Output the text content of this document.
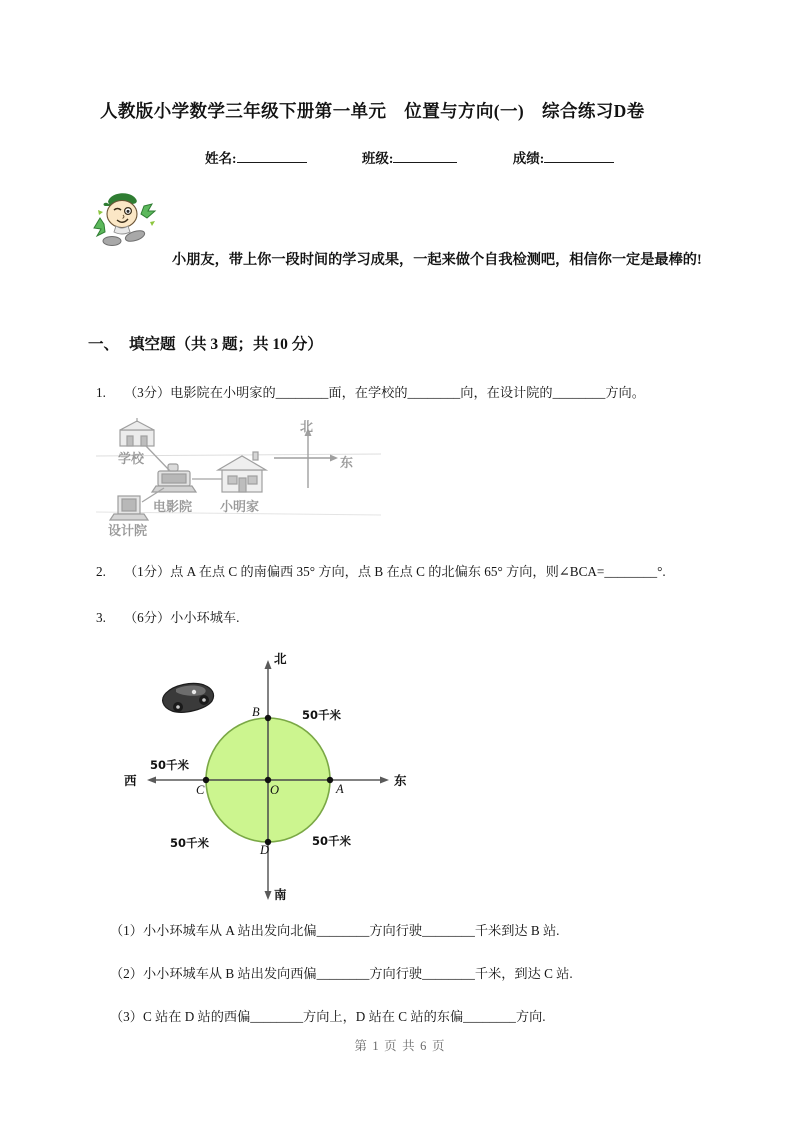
人教版小学数学三年级下册第一单元　位置与方向(一)　综合练习D卷
姓名:	班级:	成绩:
小朋友，带上你一段时间的学习成果，一起来做个自我检测吧，相信你一定是最棒的!
一、 填空题（共 3 题；共 10 分）
1.	（3分）电影院在小明家的________面，在学校的________向，在设计院的________方向。
学校
电影院 小明家
设计院
北
东
2.	（1分）点 A 在点 C 的南偏西 35° 方向，点 B 在点 C 的北偏东 65° 方向，则∠BCA=________°.
3.	（6分）小小环城车.
北
南
东
西
A
B
C
D
O
50千米
50千米
50千米
50千米
（1）小小环城车从 A 站出发向北偏________方向行驶________千米到达 B 站.
（2）小小环城车从 B 站出发向西偏________方向行驶________千米，到达 C 站.
（3）C 站在 D 站的西偏________方向上，D 站在 C 站的东偏________方向.
第 1 页 共 6 页
